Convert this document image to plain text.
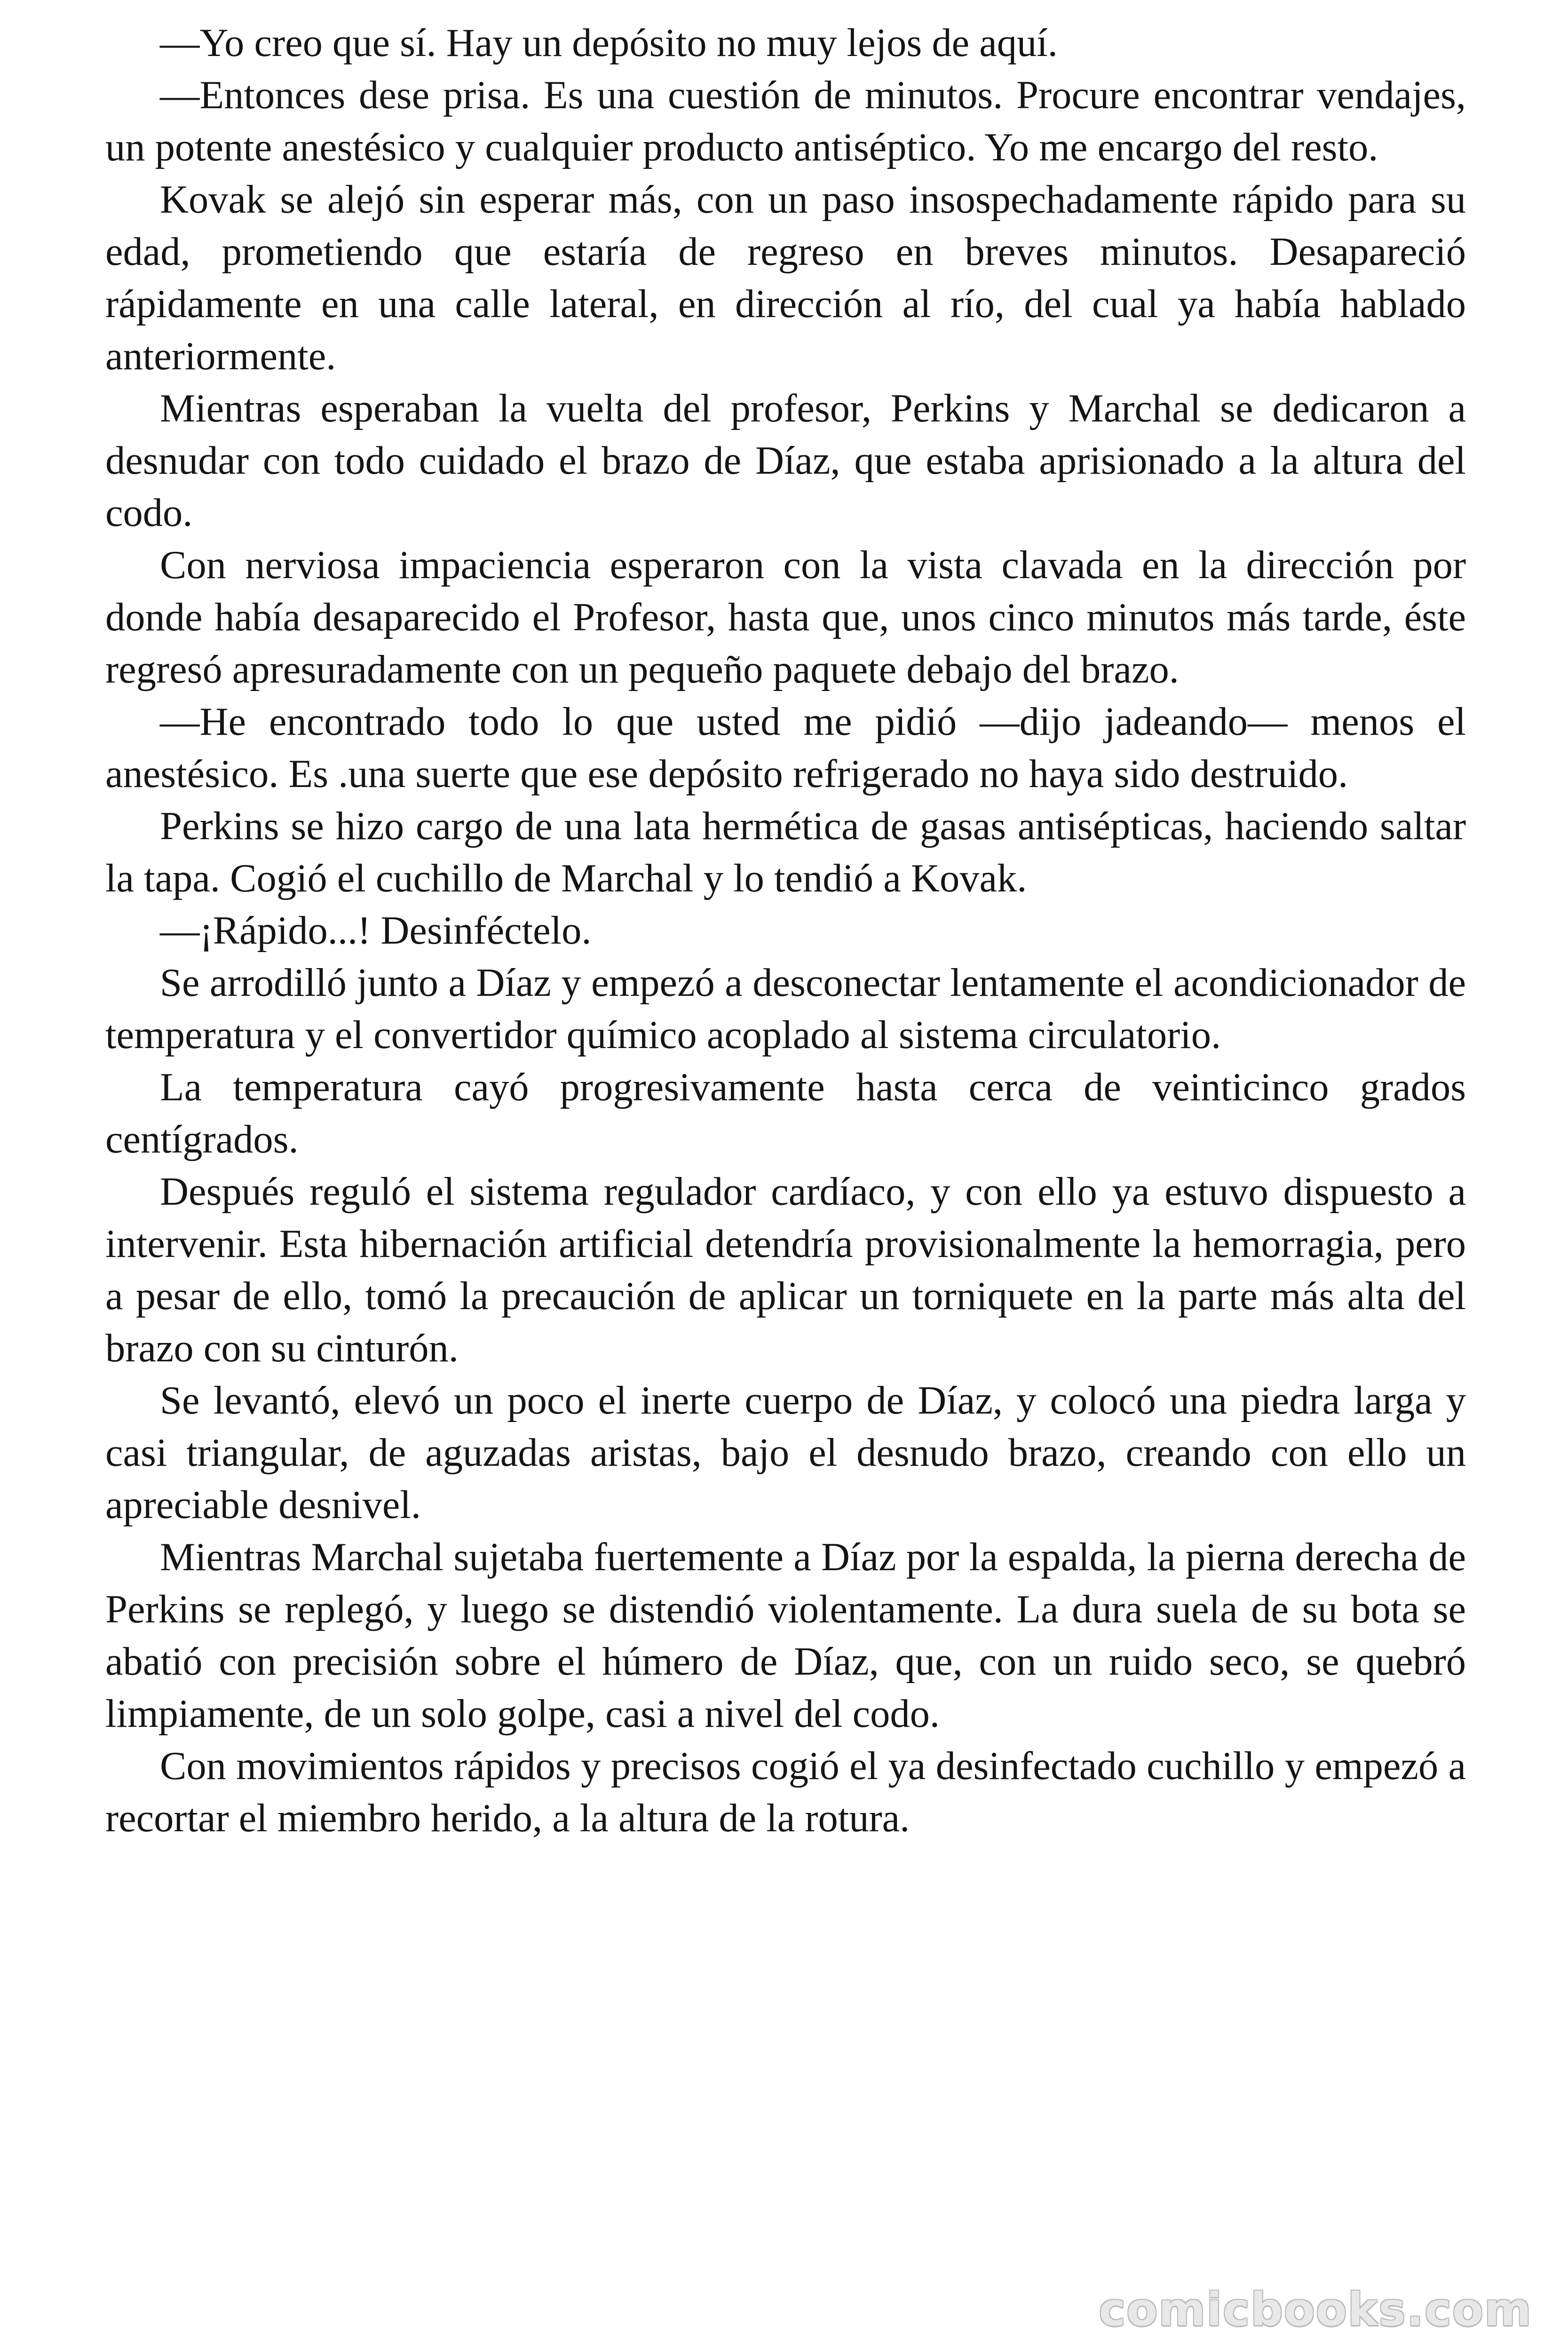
—Yo creo que sí. Hay un depósito no muy lejos de aquí.

—Entonces dese prisa. Es una cuestión de minutos. Procure encontrar vendajes, un potente anestésico y cualquier producto antiséptico. Yo me encargo del resto.

Kovak se alejó sin esperar más, con un paso insospechadamente rápido para su edad, prometiendo que estaría de regreso en breves minutos. Desapareció rápidamente en una calle lateral, en dirección al río, del cual ya había hablado anteriormente.

Mientras esperaban la vuelta del profesor, Perkins y Marchal se dedicaron a desnudar con todo cuidado el brazo de Díaz, que estaba aprisionado a la altura del codo.

Con nerviosa impaciencia esperaron con la vista clavada en la dirección por donde había desaparecido el Profesor, hasta que, unos cinco minutos más tarde, éste regresó apresuradamente con un pequeño paquete debajo del brazo.

—He encontrado todo lo que usted me pidió —dijo jadeando— menos el anestésico. Es .una suerte que ese depósito refrigerado no haya sido destruido.

Perkins se hizo cargo de una lata hermética de gasas antisépticas, haciendo saltar la tapa. Cogió el cuchillo de Marchal y lo tendió a Kovak.

—¡Rápido...! Desinféctelo.

Se arrodilló junto a Díaz y empezó a desconectar lentamente el acondicionador de temperatura y el convertidor químico acoplado al sistema circulatorio.

La temperatura cayó progresivamente hasta cerca de veinticinco grados centígrados.

Después reguló el sistema regulador cardíaco, y con ello ya estuvo dispuesto a intervenir. Esta hibernación artificial detendría provisionalmente la hemorragia, pero a pesar de ello, tomó la precaución de aplicar un torniquete en la parte más alta del brazo con su cinturón.

Se levantó, elevó un poco el inerte cuerpo de Díaz, y colocó una piedra larga y casi triangular, de aguzadas aristas, bajo el desnudo brazo, creando con ello un apreciable desnivel.

Mientras Marchal sujetaba fuertemente a Díaz por la espalda, la pierna derecha de Perkins se replegó, y luego se distendió violentamente. La dura suela de su bota se abatió con precisión sobre el húmero de Díaz, que, con un ruido seco, se quebró limpiamente, de un solo golpe, casi a nivel del codo.

Con movimientos rápidos y precisos cogió el ya desinfectado cuchillo y empezó a recortar el miembro herido, a la altura de la rotura.

comicbooks.com
